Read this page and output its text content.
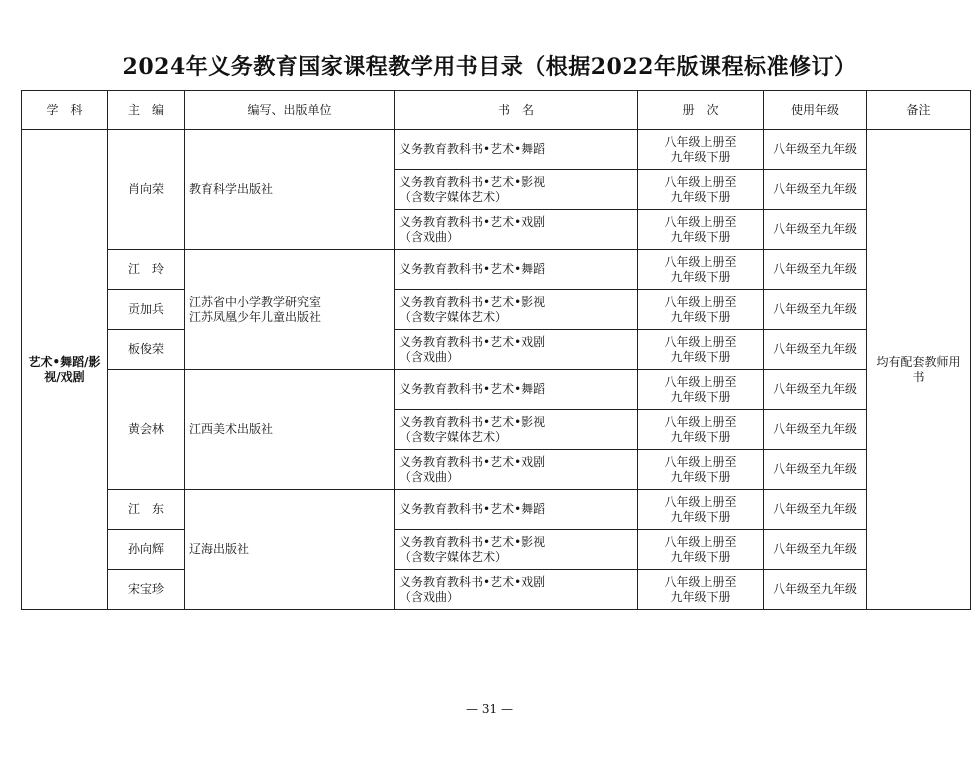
2024年义务教育国家课程教学用书目录（根据2022年版课程标准修订）
学　科	主　编	编写、出版单位	书　名	册　次	使用年级	备注
艺术•舞蹈/影视/戏剧	肖向荣	教育科学出版社	义务教育教科书•艺术•舞蹈	八年级上册至
九年级下册	八年级至九年级	均有配套教师用书
			义务教育教科书•艺术•影视
（含数字媒体艺术）	八年级上册至
九年级下册	八年级至九年级	
			义务教育教科书•艺术•戏剧
（含戏曲）	八年级上册至
九年级下册	八年级至九年级	
	江　玲	江苏省中小学教学研究室
江苏凤凰少年儿童出版社	义务教育教科书•艺术•舞蹈	八年级上册至
九年级下册	八年级至九年级	
	贡加兵		义务教育教科书•艺术•影视
（含数字媒体艺术）	八年级上册至
九年级下册	八年级至九年级	
	板俊荣		义务教育教科书•艺术•戏剧
（含戏曲）	八年级上册至
九年级下册	八年级至九年级	
	黄会林	江西美术出版社	义务教育教科书•艺术•舞蹈	八年级上册至
九年级下册	八年级至九年级	
			义务教育教科书•艺术•影视
（含数字媒体艺术）	八年级上册至
九年级下册	八年级至九年级	
			义务教育教科书•艺术•戏剧
（含戏曲）	八年级上册至
九年级下册	八年级至九年级	
	江　东	辽海出版社	义务教育教科书•艺术•舞蹈	八年级上册至
九年级下册	八年级至九年级	
	孙向辉		义务教育教科书•艺术•影视
（含数字媒体艺术）	八年级上册至
九年级下册	八年级至九年级	
	宋宝珍		义务教育教科书•艺术•戏剧
（含戏曲）	八年级上册至
九年级下册	八年级至九年级	
— 31 —
